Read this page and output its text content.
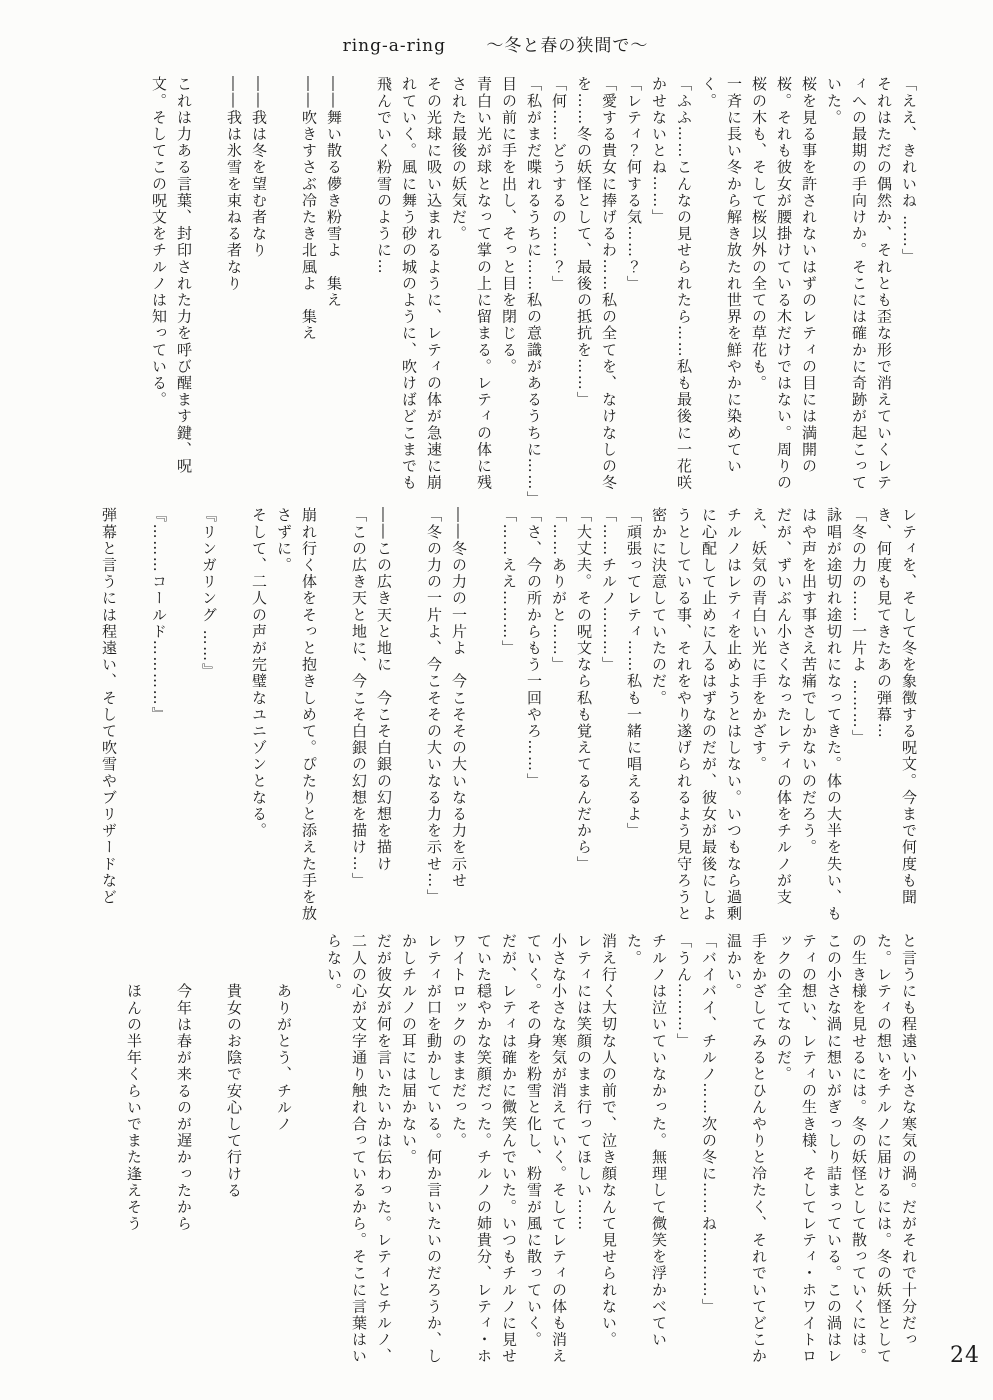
ring-a-ring ～冬と春の狭間で～

「ええ、きれいね ……」

それはただの偶然か、それとも歪な形で消えていくレティへの最期の手向けか。そこには確かに奇跡が起こっていた。

桜を見る事を許されないはずのレティの目には満開の桜。それも彼女が腰掛けている木だけではない。周りの桜の木も、そして桜以外の全ての草花も。

一斉に長い冬から解き放たれ世界を鮮やかに染めていく。

「ふふ……こんなの見せられたら……私も最後に一花咲かせないとね……」

「レティ？何する気……？」

「愛する貴女に捧げるわ……私の全てを、なけなしの冬を……冬の妖怪として、最後の抵抗を……」

「何……どうするの……？」

「私がまだ喋れるうちに……私の意識があるうちに……」

目の前に手を出し、そっと目を閉じる。

青白い光が球となって掌の上に留まる。レティの体に残された最後の妖気だ。

その光球に吸い込まれるように、レティの体が急速に崩れていく。風に舞う砂の城のように、吹けばどこまでも飛んでいく粉雪のように…

――舞い散る儚き粉雪よ　集え

――吹きすさぶ冷たき北風よ　集え

――我は冬を望む者なり

――我は氷雪を束ねる者なり

これは力ある言葉、封印された力を呼び醒ます鍵、呪文。そしてこの呪文をチルノは知っている。

レティを、そして冬を象徴する呪文。今まで何度も聞き、何度も見てきたあの弾幕…

「冬の力の……一片よ ………」

詠唱が途切れ途切れになってきた。体の大半を失い、もはや声を出す事さえ苦痛でしかないのだろう。

だが、ずいぶん小さくなったレティの体をチルノが支え、妖気の青白い光に手をかざす。

チルノはレティを止めようとはしない。いつもなら過剰に心配して止めに入るはずなのだが、彼女が最後にしようとしている事、それをやり遂げられるよう見守ろうと密かに決意していたのだ。

「頑張ってレティ……私も一緒に唱えるよ」

「……チルノ………」

「大丈夫。その呪文なら私も覚えてるんだから」

「……ありがと……」

「さ、今の所からもう一回やろ……」

「……ええ………」

――冬の力の一片よ　今こそその大いなる力を示せ

「冬の力の一片よ、今こそその大いなる力を示せ…」

――この広き天と地に　今こそ白銀の幻想を描け

「この広き天と地に、今こそ白銀の幻想を描け…」

崩れ行く体をそっと抱きしめて。ぴたりと添えた手を放さずに。

そして、二人の声が完璧なユニゾンとなる。

『リンガリング ……』

『………コールド…………』

弾幕と言うには程遠い、そして吹雪やブリザードなど

と言うにも程遠い小さな寒気の渦。だがそれで十分だった。レティの想いをチルノに届けるには。冬の妖怪としての生き様を見せるには。冬の妖怪として散っていくには。

この小さな渦に想いがぎっしり詰まっている。この渦はレティの想い、レティの生き様、そしてレティ・ホワイトロックの全てなのだ。

手をかざしてみるとひんやりと冷たく、それでいてどこか温かい。

「バイバイ、チルノ……次の冬に……ね…………」

「うん………」

チルノは泣いていなかった。無理して微笑を浮かべていた。

消え行く大切な人の前で、泣き顔なんて見せられない。

レティには笑顔のまま行ってほしい……

小さな小さな寒気が消えていく。そしてレティの体も消えていく。その身を粉雪と化し、粉雪が風に散っていく。

だが、レティは確かに微笑んでいた。いつもチルノに見せていた穏やかな笑顔だった。チルノの姉貴分、レティ・ホワイトロックのままだった。

レティが口を動かしている。何か言いたいのだろうか、しかしチルノの耳には届かない。

だが彼女が何を言いたいかは伝わった。レティとチルノ、二人の心が文字通り触れ合っているから。そこに言葉はいらない。

ありがとう、チルノ

貴女のお陰で安心して行ける

今年は春が来るのが遅かったから

ほんの半年くらいでまた逢えそう

24
